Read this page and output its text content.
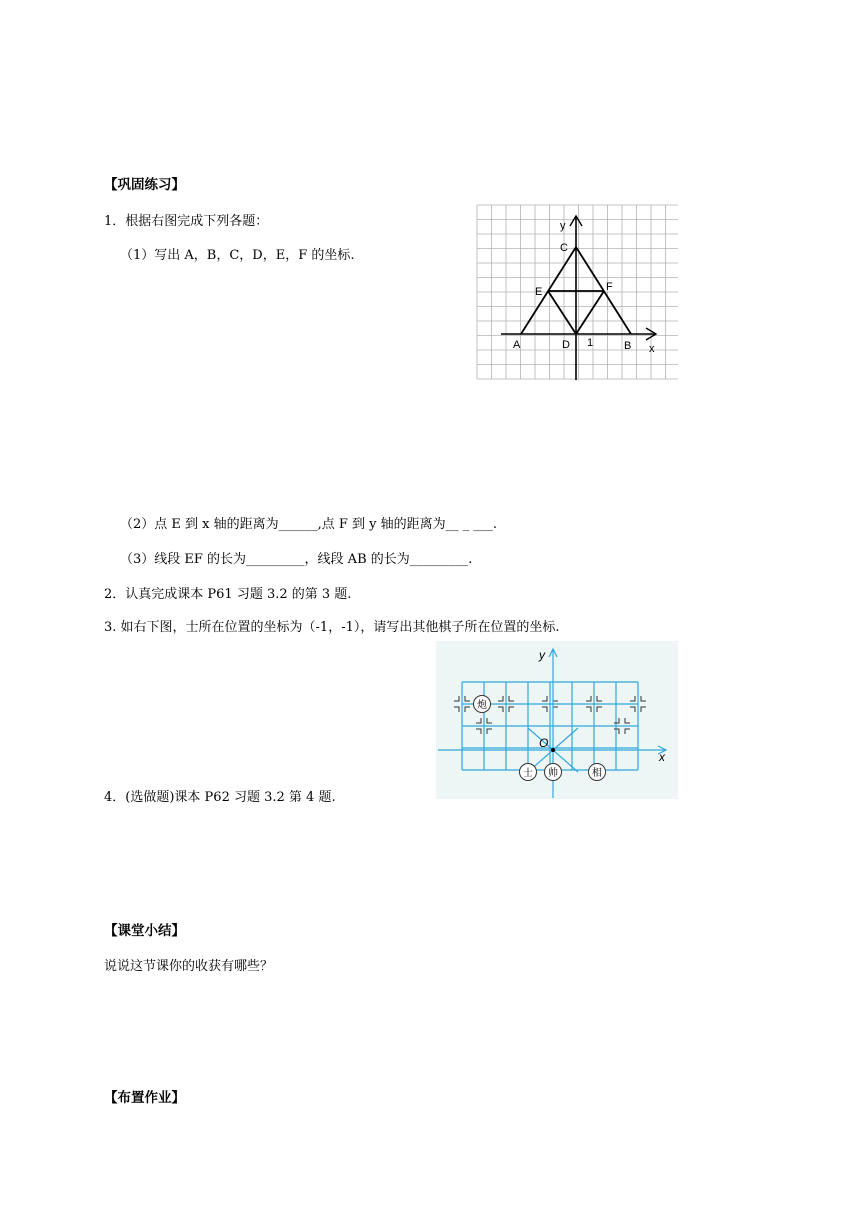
【巩固练习】
1．根据右图完成下列各题：
（1）写出 A，B，C，D，E，F 的坐标.
（2）点 E 到 x 轴的距离为______,点 F 到 y 轴的距离为__ _ ___.
（3）线段 EF 的长为_________，线段 AB 的长为_________.
2．认真完成课本 P61 习题 3.2 的第 3 题.
3. 如右下图，士所在位置的坐标为（-1，-1），请写出其他棋子所在位置的坐标.
4．(选做题)课本 P62 习题 3.2 第 4 题.
【课堂小结】
说说这节课你的收获有哪些？
【布置作业】
y
C
E	F
A	D 1	B x
y
x
O
炮
士 帅	相
